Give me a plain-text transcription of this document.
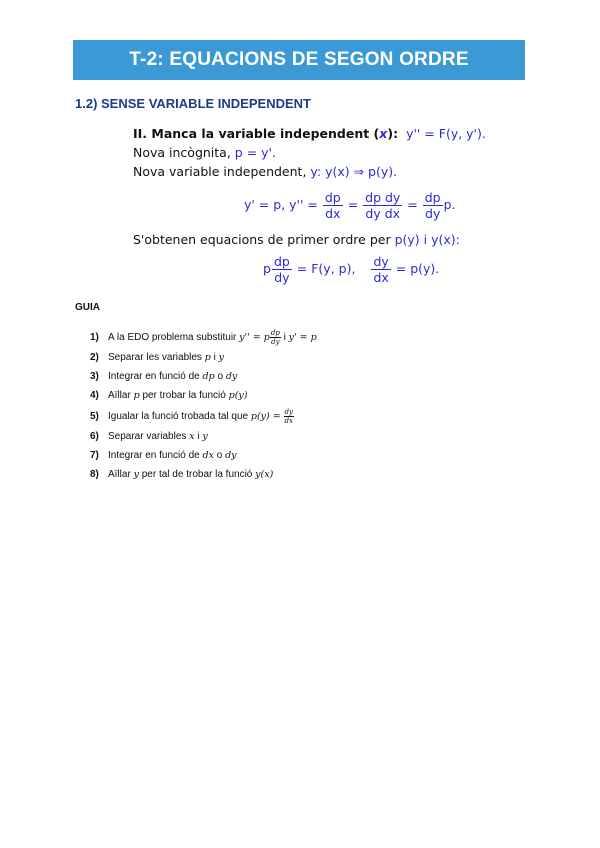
T-2: EQUACIONS DE SEGON ORDRE
1.2) SENSE VARIABLE INDEPENDENT
II. Manca la variable independent (x): y'' = F(y, y').
Nova incògnita, p = y'.
Nova variable independent, y: y(x) ⇒ p(y).
y' = p, $y'' = \frac{dp}{dx} = \frac{\text{dp dy}}{\text{dy dx}} = \frac{dp}{dy} p$.
S'obtenen equacions de primer ordre per p(y) i y(x):
p $\frac{dp}{dy} = F(y$, p), $\frac{dy}{dx} = p(y)$.
GUIA
1) A la EDO problema substituir y'' = p $\frac{dp}{dy}$ i y' = p
2) Separar les variables p i y
3) Integrar en funció de dp o dy
4) Aïllar p per trobar la funció p(y)
5) Igualar la funció trobada tal que $p(y) = \frac{dy}{dx}$
6) Separar variables x i y
7) Integrar en funció de dx o dy
8) Aïllar y per tal de trobar la funció y(x)
